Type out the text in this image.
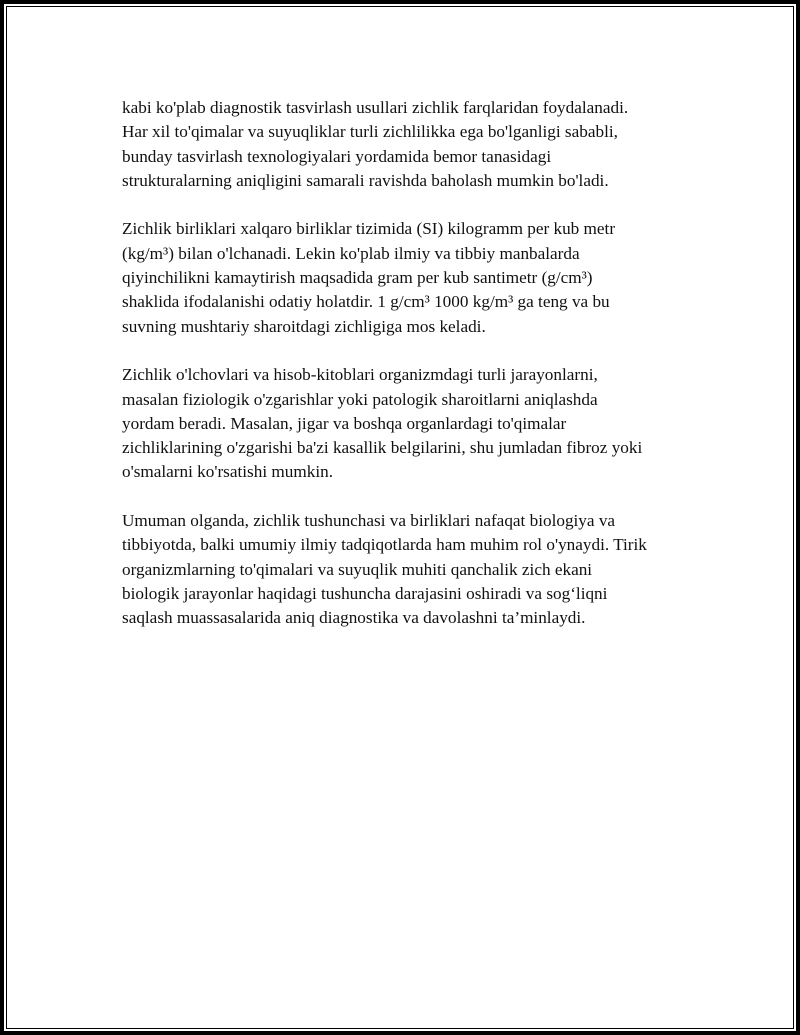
kabi ko'plab diagnostik tasvirlash usullari zichlik farqlaridan foydalanadi.
Har xil to'qimalar va suyuqliklar turli zichlilikka ega bo'lganligi sababli,
bunday tasvirlash texnologiyalari yordamida bemor tanasidagi
strukturalarning aniqligini samarali ravishda baholash mumkin bo'ladi.

Zichlik birliklari xalqaro birliklar tizimida (SI) kilogramm per kub metr
(kg/m³) bilan o'lchanadi. Lekin ko'plab ilmiy va tibbiy manbalarda
qiyinchilikni kamaytirish maqsadida gram per kub santimetr (g/cm³)
shaklida ifodalanishi odatiy holatdir. 1 g/cm³ 1000 kg/m³ ga teng va bu
suvning mushtariy sharoitdagi zichligiga mos keladi.

Zichlik o'lchovlari va hisob-kitoblari organizmdagi turli jarayonlarni,
masalan fiziologik o'zgarishlar yoki patologik sharoitlarni aniqlashda
yordam beradi. Masalan, jigar va boshqa organlardagi to'qimalar
zichliklarining o'zgarishi ba'zi kasallik belgilarini, shu jumladan fibroz yoki
o'smalarni ko'rsatishi mumkin.

Umuman olganda, zichlik tushunchasi va birliklari nafaqat biologiya va
tibbiyotda, balki umumiy ilmiy tadqiqotlarda ham muhim rol o'ynaydi. Tirik
organizmlarning to'qimalari va suyuqlik muhiti qanchalik zich ekani
biologik jarayonlar haqidagi tushuncha darajasini oshiradi va sog‘liqni
saqlash muassasalarida aniq diagnostika va davolashni ta’minlaydi.
